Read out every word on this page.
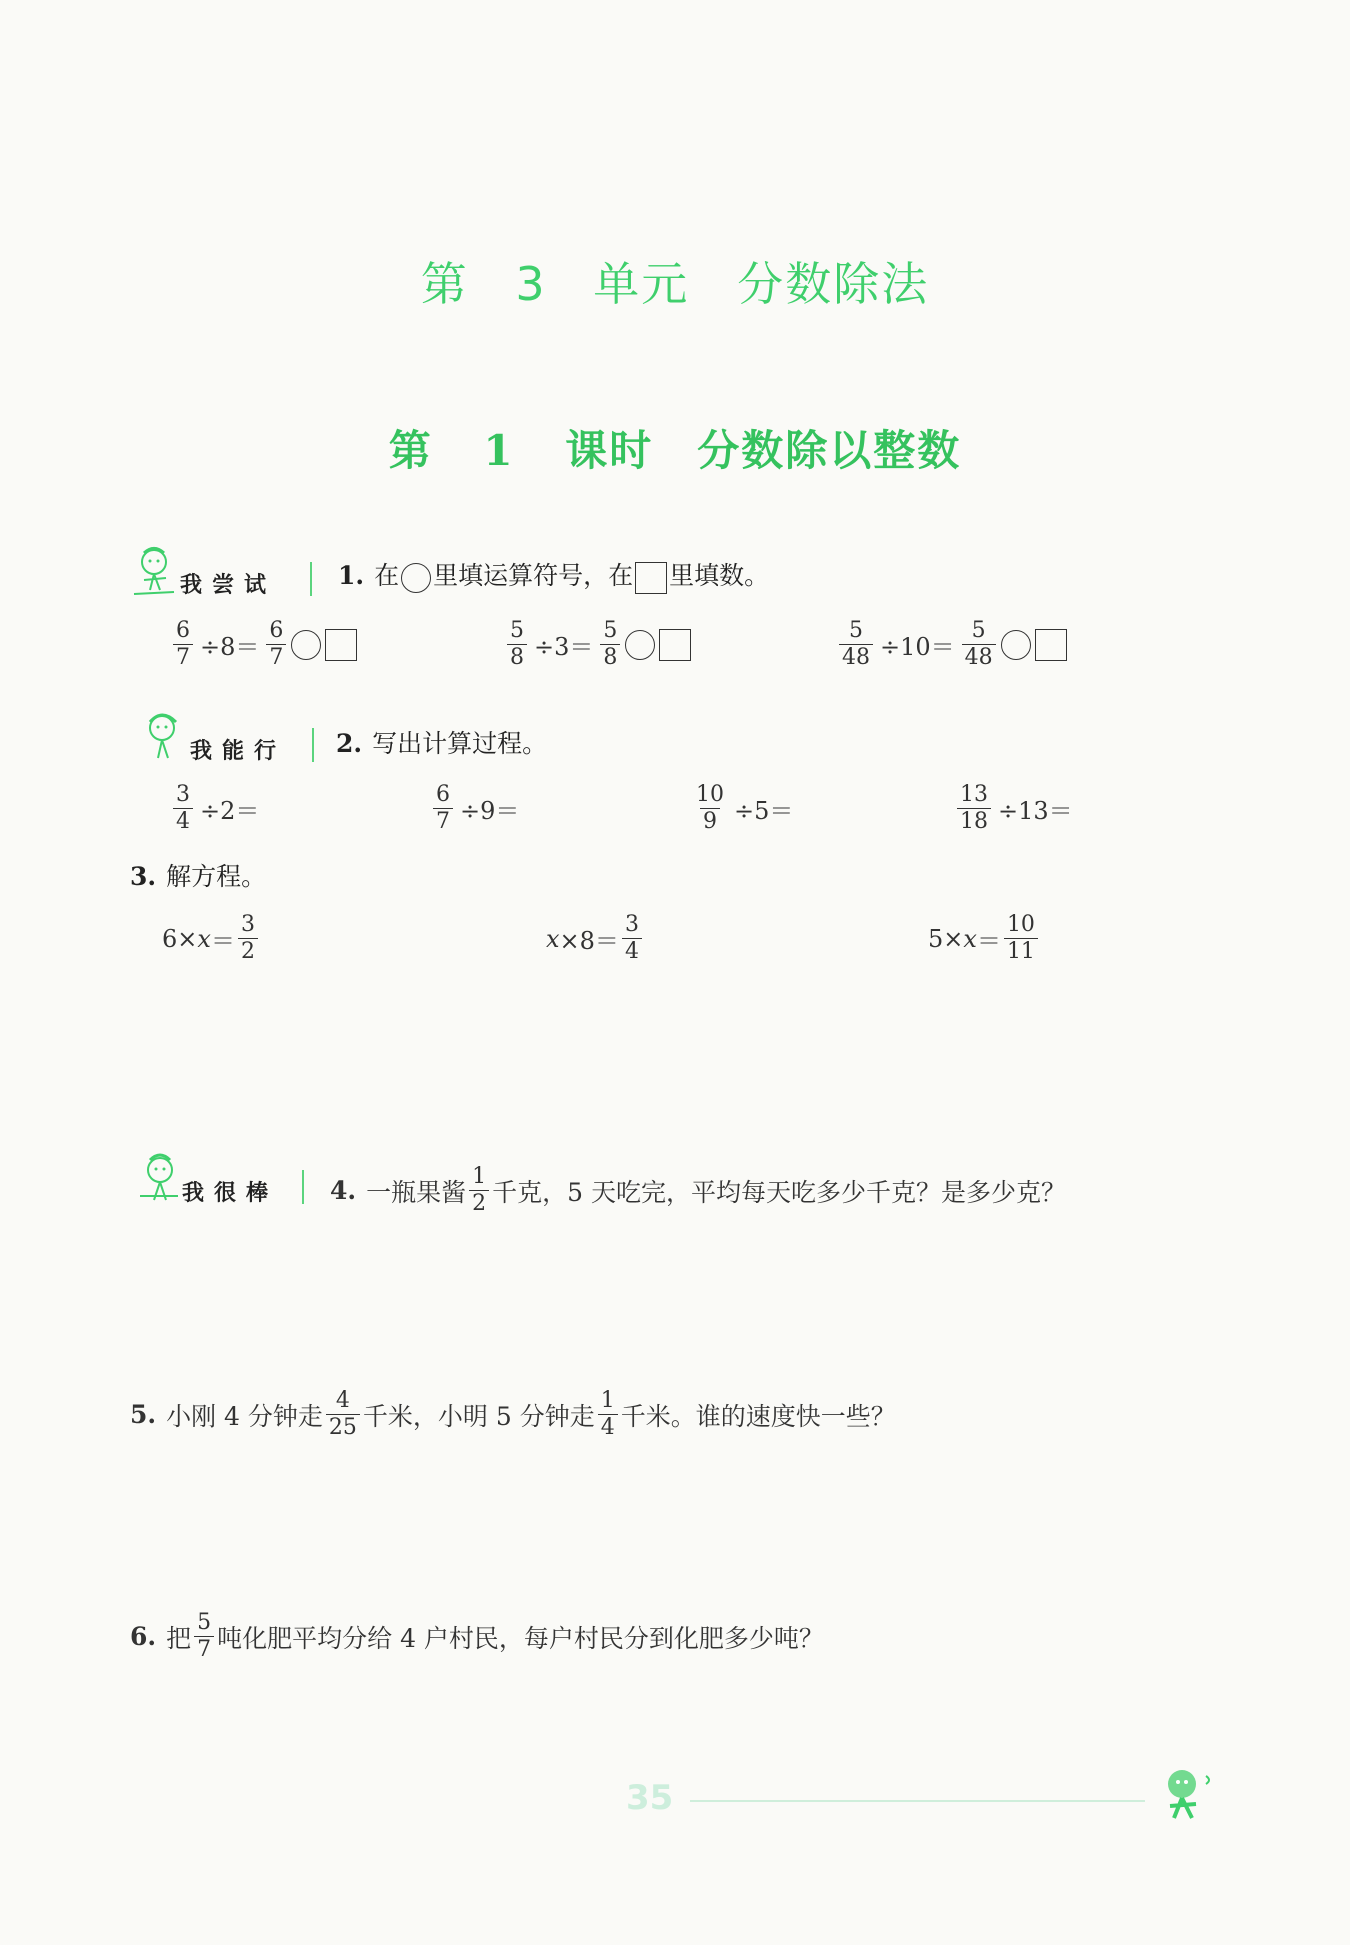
第 3 单元　分数除法
第 1 课时　分数除以整数
我尝试 1. 在 里填运算符号，在 里填数。
$\frac{6}{7} \div 8= \frac{6}{7}$	$\frac{5}{8} \div 3= \frac{5}{8}$	$\frac{5}{48} \div 10= \frac{5}{48}$
我能行 2. 写出计算过程。
$\frac{3}{4} \div 2=$	$\frac{6}{7} \div 9=$	$\frac{10}{9} \div 5=$	$\frac{13}{18} \div 13=$
3. 解方程。
$6\times x = \frac{3}{2}$	$x \times 8= \frac{3}{4}$	$5\times x = \frac{10}{11}$
我很棒 4. 一瓶果酱 $\frac{1}{2}$ 千克，5 天吃完，平均每天吃多少千克？是多少克？
5. 小刚 4 分钟走 $\frac{4}{25}$ 千米，小明 5 分钟走 $\frac{1}{4}$ 千米。谁的速度快一些？
6. 把 $\frac{5}{7}$ 吨化肥平均分给 4 户村民，每户村民分到化肥多少吨？
35
